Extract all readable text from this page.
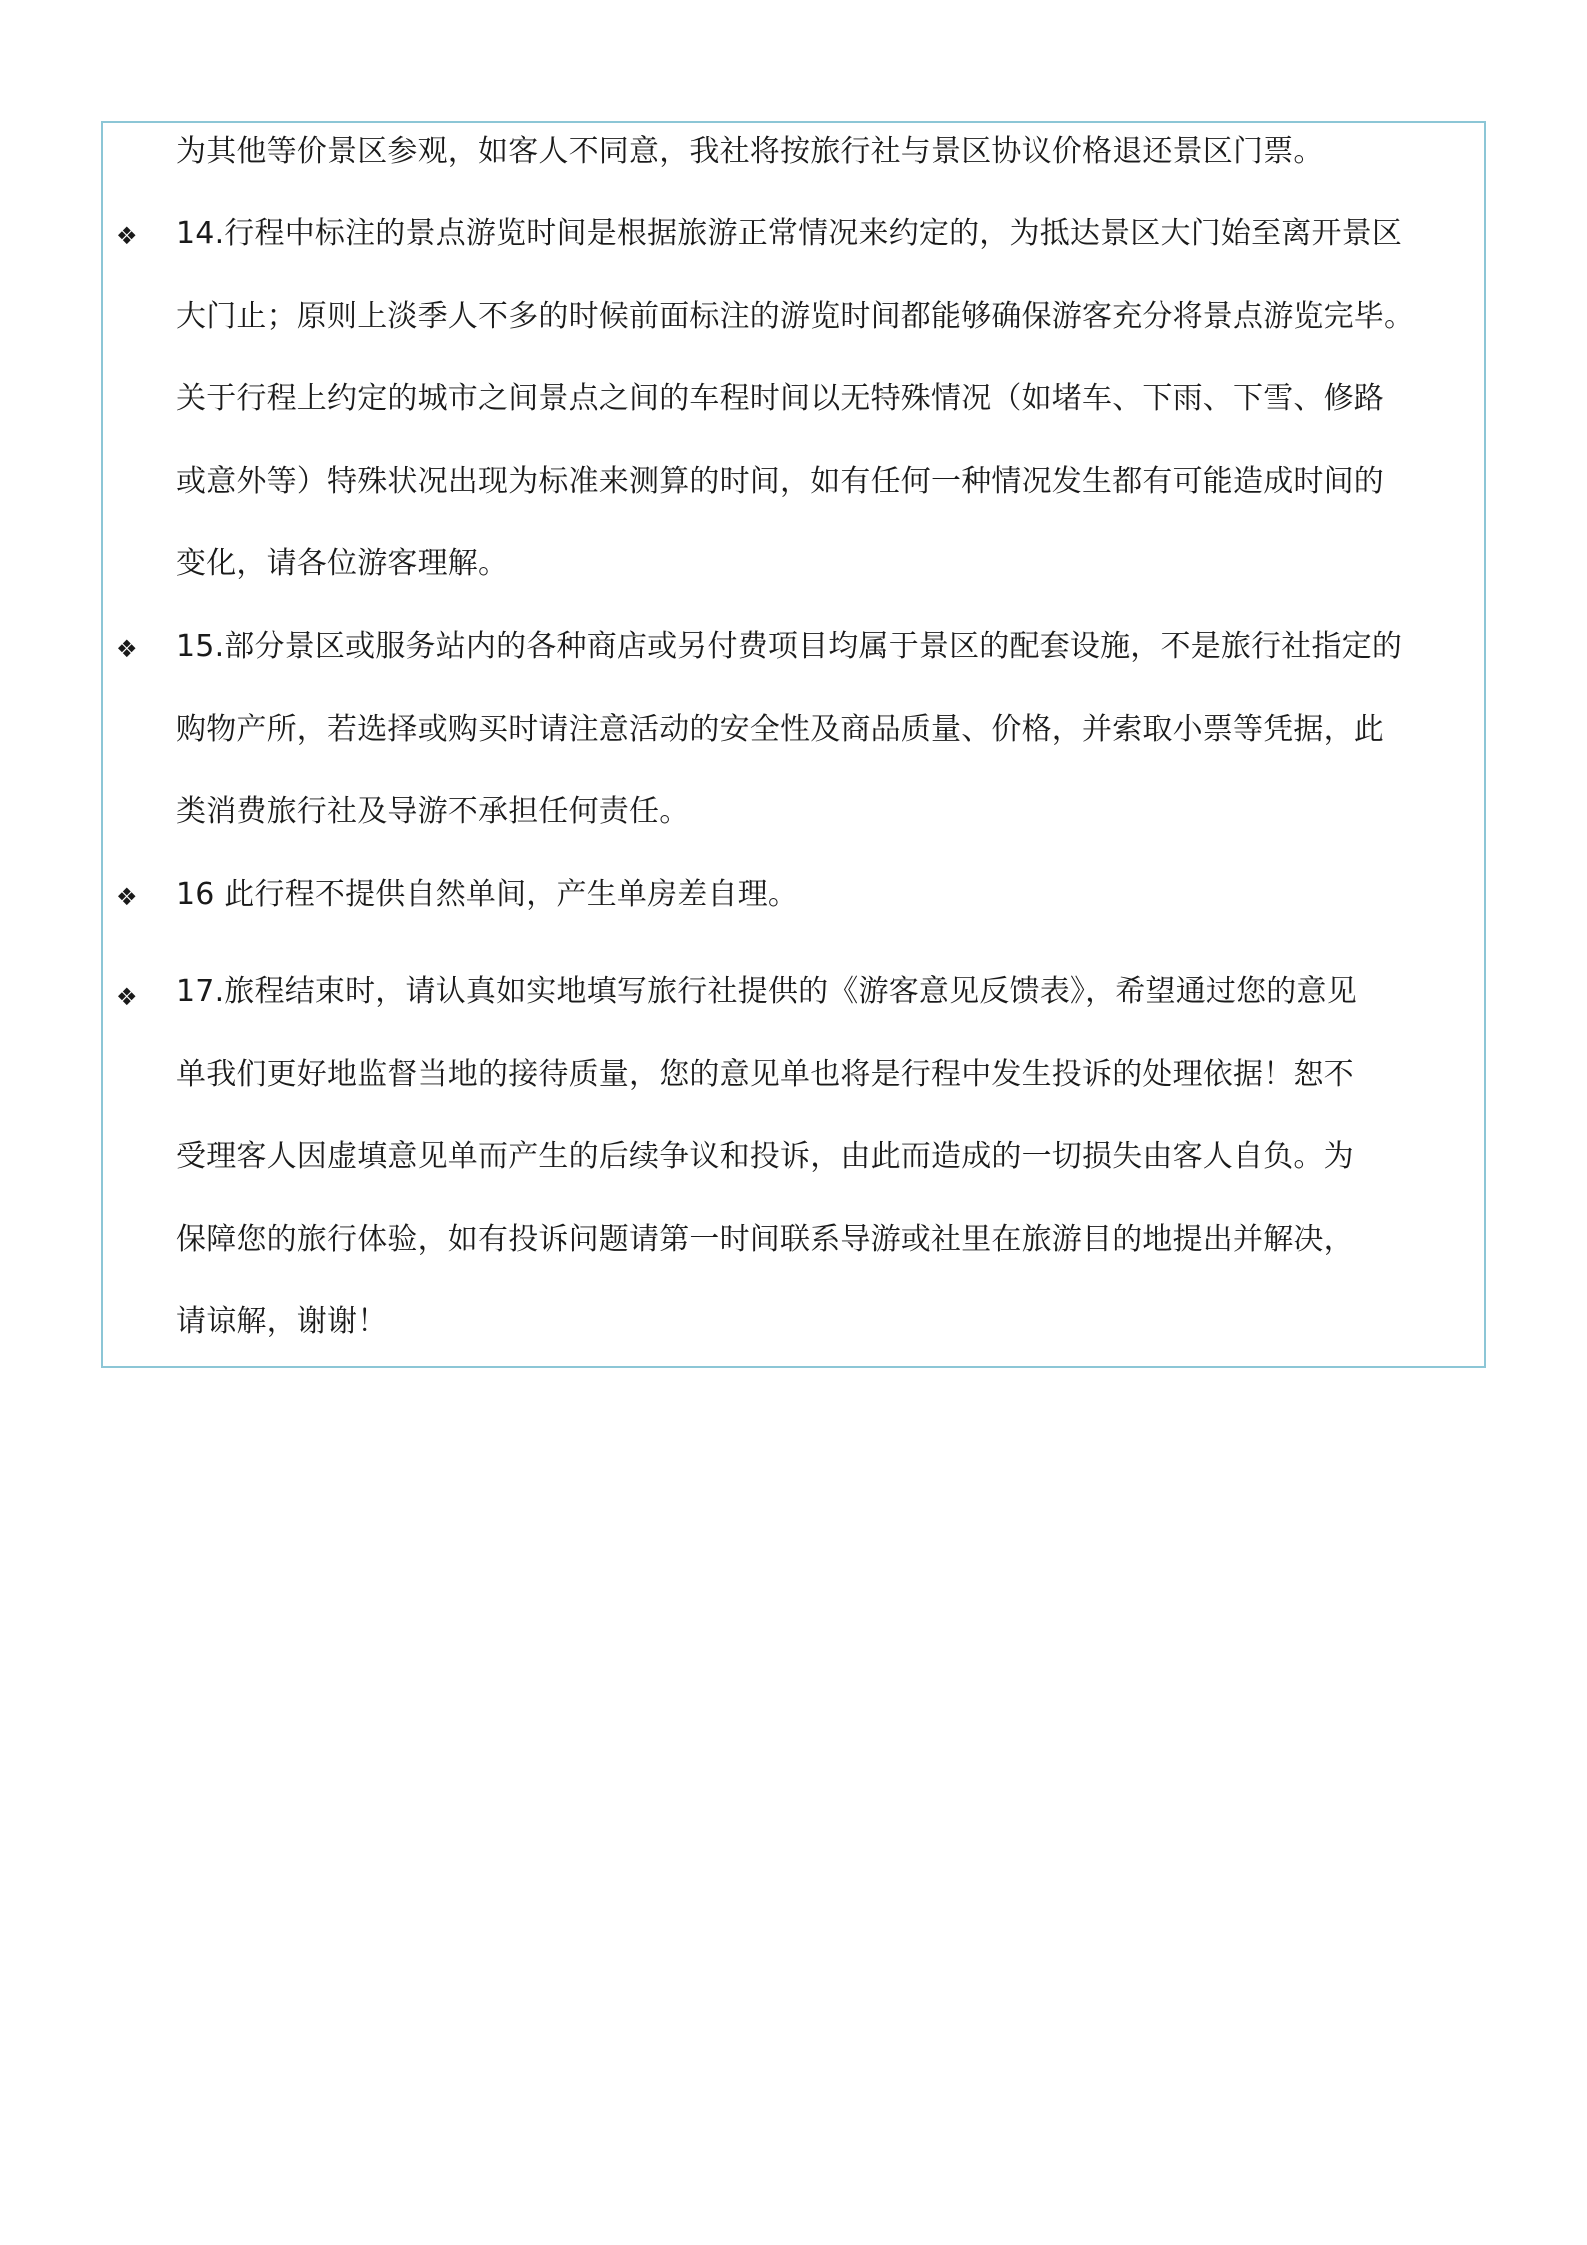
为其他等价景区参观，如客人不同意，我社将按旅行社与景区协议价格退还景区门票。
❖ 14.行程中标注的景点游览时间是根据旅游正常情况来约定的，为抵达景区大门始至离开景区
大门止；原则上淡季人不多的时候前面标注的游览时间都能够确保游客充分将景点游览完毕。
关于行程上约定的城市之间景点之间的车程时间以无特殊情况（如堵车、下雨、下雪、修路
或意外等）特殊状况出现为标准来测算的时间，如有任何一种情况发生都有可能造成时间的
变化，请各位游客理解。
❖ 15.部分景区或服务站内的各种商店或另付费项目均属于景区的配套设施，不是旅行社指定的
购物产所，若选择或购买时请注意活动的安全性及商品质量、价格，并索取小票等凭据，此
类消费旅行社及导游不承担任何责任。
❖ 16 此行程不提供自然单间，产生单房差自理。
❖ 17.旅程结束时，请认真如实地填写旅行社提供的《游客意见反馈表》，希望通过您的意见
单我们更好地监督当地的接待质量，您的意见单也将是行程中发生投诉的处理依据！恕不
受理客人因虚填意见单而产生的后续争议和投诉，由此而造成的一切损失由客人自负。为
保障您的旅行体验，如有投诉问题请第一时间联系导游或社里在旅游目的地提出并解决，
请谅解，谢谢！
